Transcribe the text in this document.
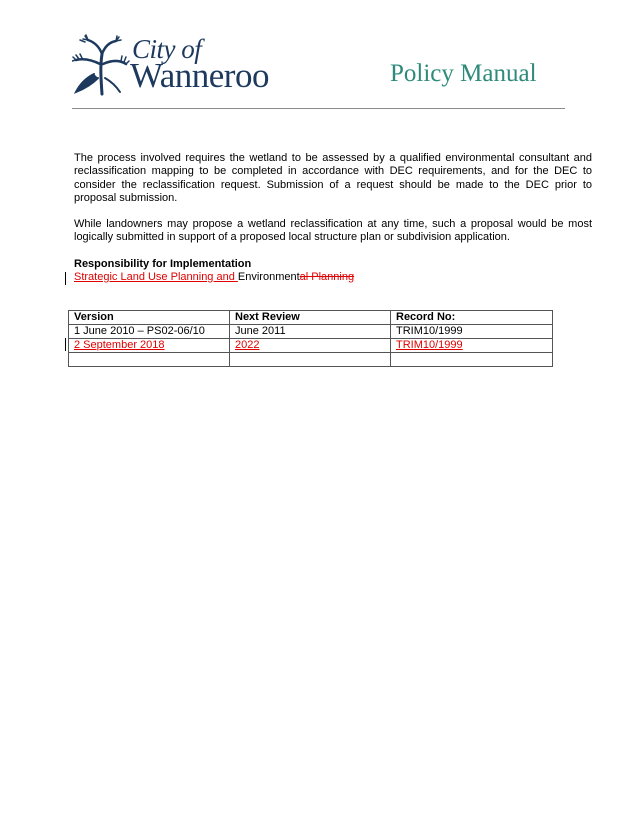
City of
Wanneroo	Policy Manual

The process involved requires the wetland to be assessed by a qualified environmental consultant and reclassification mapping to be completed in accordance with DEC requirements, and for the DEC to consider the reclassification request. Submission of a request should be made to the DEC prior to proposal submission.

While landowners may propose a wetland reclassification at any time, such a proposal would be most logically submitted in support of a proposed local structure plan or subdivision application.

Responsibility for Implementation
Strategic Land Use Planning and Environmental Planning
Version	Next Review	Record No:
1 June 2010 – PS02-06/10	June 2011	TRIM10/1999
2 September 2018	2022	TRIM10/1999
